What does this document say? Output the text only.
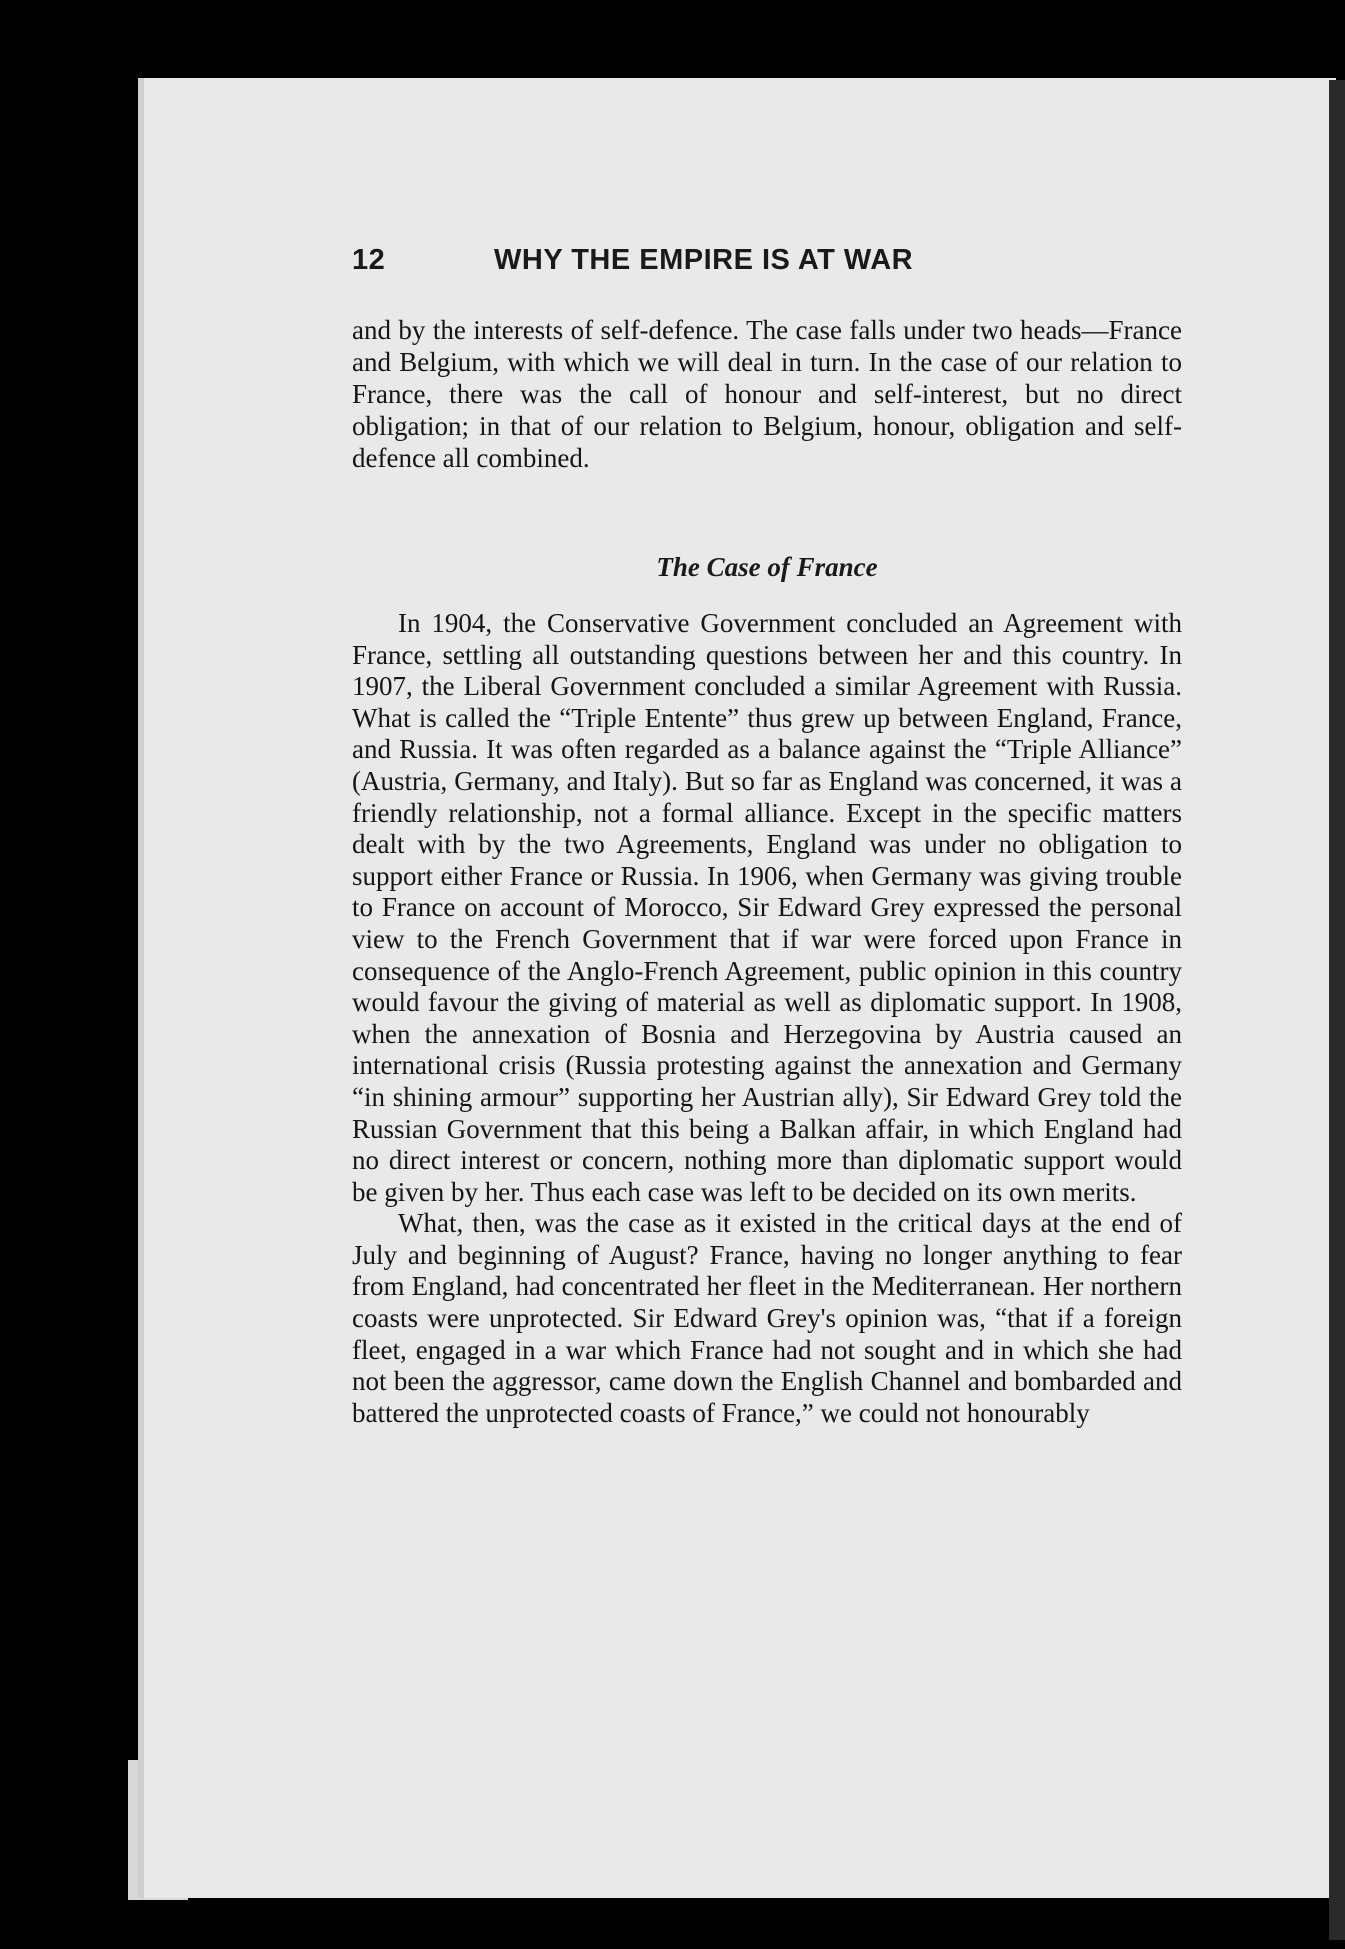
12	WHY THE EMPIRE IS AT WAR

and by the interests of self-defence. The case falls under two heads—France and Belgium, with which we will deal in turn. In the case of our relation to France, there was the call of honour and self-interest, but no direct obligation; in that of our relation to Belgium, honour, obligation and self-defence all combined.

The Case of France

In 1904, the Conservative Government concluded an Agreement with France, settling all outstanding questions between her and this country. In 1907, the Liberal Government concluded a similar Agreement with Russia. What is called the “Triple Entente” thus grew up between England, France, and Russia. It was often regarded as a balance against the “Triple Alliance” (Austria, Germany, and Italy). But so far as England was concerned, it was a friendly relationship, not a formal alliance. Except in the specific matters dealt with by the two Agreements, England was under no obligation to support either France or Russia. In 1906, when Germany was giving trouble to France on account of Morocco, Sir Edward Grey expressed the personal view to the French Government that if war were forced upon France in consequence of the Anglo-French Agreement, public opinion in this country would favour the giving of material as well as diplomatic support. In 1908, when the annexation of Bosnia and Herzegovina by Austria caused an international crisis (Russia protesting against the annexation and Germany “in shining armour” supporting her Austrian ally), Sir Edward Grey told the Russian Government that this being a Balkan affair, in which England had no direct interest or concern, nothing more than diplomatic support would be given by her. Thus each case was left to be decided on its own merits.

What, then, was the case as it existed in the critical days at the end of July and beginning of August? France, having no longer anything to fear from England, had concentrated her fleet in the Mediterranean. Her northern coasts were unprotected. Sir Edward Grey's opinion was, “that if a foreign fleet, engaged in a war which France had not sought and in which she had not been the aggressor, came down the English Channel and bombarded and battered the unprotected coasts of France,” we could not honourably
